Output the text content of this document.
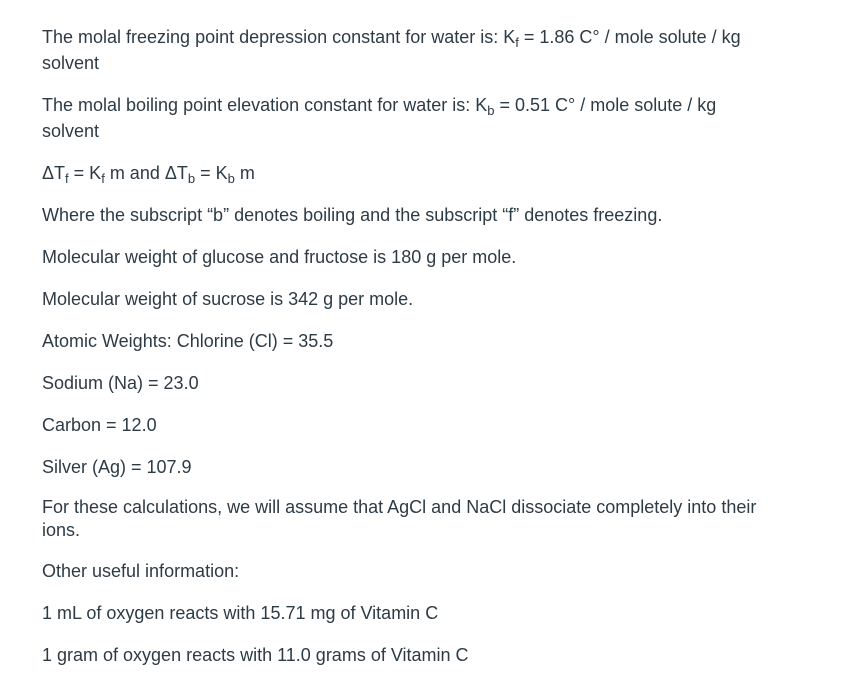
The molal freezing point depression constant for water is: $K_f = 1.86$ C° / mole solute / kg solvent

The molal boiling point elevation constant for water is: $K_b = 0.51$ C° / mole solute / kg solvent

$\Delta T_f = K_f$ m and $\Delta T_b = K_b$ m

Where the subscript “b” denotes boiling and the subscript “f” denotes freezing.

Molecular weight of glucose and fructose is 180 g per mole.

Molecular weight of sucrose is 342 g per mole.

Atomic Weights: Chlorine (Cl) = 35.5

Sodium (Na) = 23.0

Carbon = 12.0

Silver (Ag) = 107.9

For these calculations, we will assume that AgCl and NaCl dissociate completely into their ions.

Other useful information:

1 mL of oxygen reacts with 15.71 mg of Vitamin C

1 gram of oxygen reacts with 11.0 grams of Vitamin C
